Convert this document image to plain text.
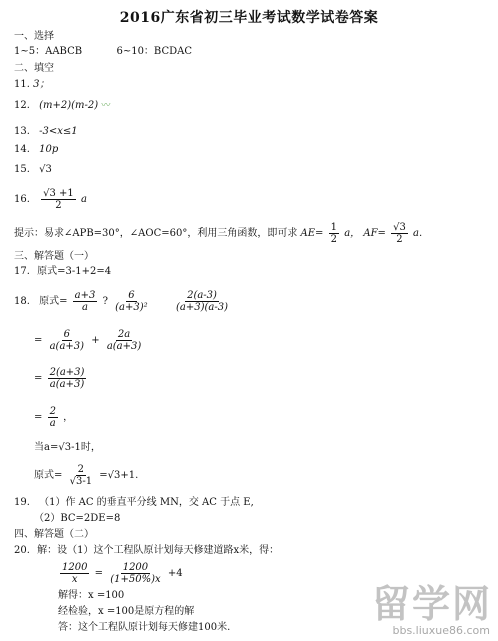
2016广东省初三毕业考试数学试卷答案
一、选择
1~5：AABCB	6~10：BCDAC
二、填空
11. 3；
12. (m+2)(m-2) 〰
13. -3<x≤1
14. 10p
15. √3
16. $\frac{√3 +1}{2}$ a
提示：易求∠APB=30°，∠AOC=60°，利用三角函数，即可求 $AE= \frac{1}{2}$ a， $AF= \frac{√3}{2} a$.
三、解答题（一）
17. 原式=3-1+2=4
18. 原式= $\frac{a+3}{a}$ ? $\frac{6}{\text{(a+3)²}}$
$\frac{2(a-3)}{(a+3)(a-3)}$
= $\frac{6}{a(a+3)} + \frac{2a}{a(a+3)}$
= $\frac{2(a+3)}{a(a+3)}$
= $\frac{2}{a}$ ，
当a=√3-1时，
原式= $\frac{2}{√3-1} =√3+1$.
19. （1）作 AC 的垂直平分线 MN，交 AC 于点 E,
（2）BC=2DE=8
四、解答题（二）
20. 解：设（1）这个工程队原计划每天修建道路x米，得：
$\frac{1200}{x} = \frac{1200}{(1+50\%)x} +4$
解得：x =100
经检验，x =100是原方程的解
答：这个工程队原计划每天修建100米.
留学网
bbs.liuxue86.com
